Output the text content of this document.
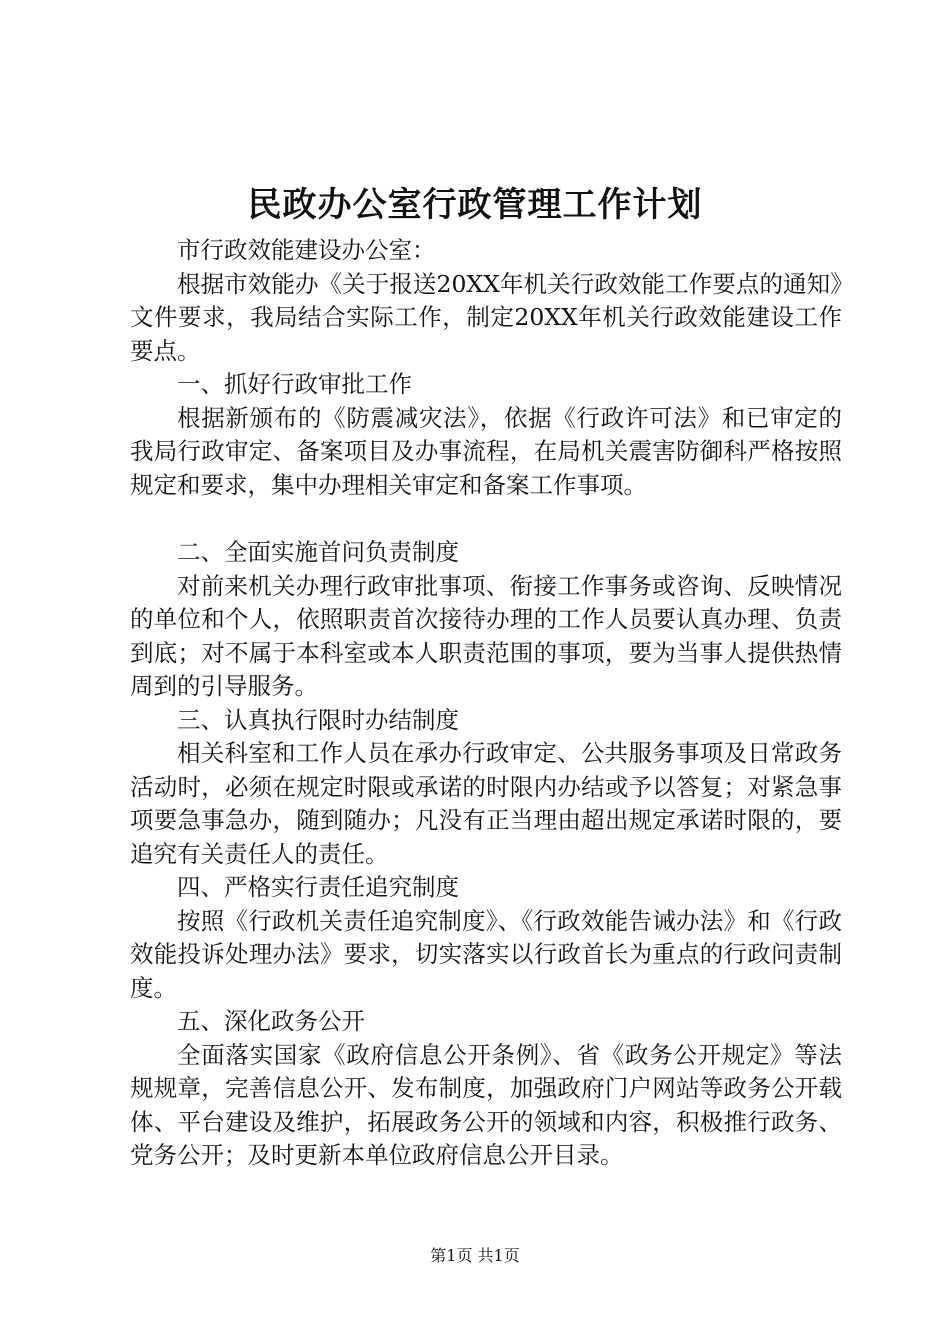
民政办公室行政管理工作计划

市行政效能建设办公室：

根据市效能办《关于报送20XX年机关行政效能工作要点的通知》文件要求，我局结合实际工作，制定20XX年机关行政效能建设工作要点。

一、抓好行政审批工作

根据新颁布的《防震减灾法》，依据《行政许可法》和已审定的我局行政审定、备案项目及办事流程，在局机关震害防御科严格按照规定和要求，集中办理相关审定和备案工作事项。

二、全面实施首问负责制度

对前来机关办理行政审批事项、衔接工作事务或咨询、反映情况的单位和个人，依照职责首次接待办理的工作人员要认真办理、负责到底；对不属于本科室或本人职责范围的事项，要为当事人提供热情周到的引导服务。

三、认真执行限时办结制度

相关科室和工作人员在承办行政审定、公共服务事项及日常政务活动时，必须在规定时限或承诺的时限内办结或予以答复；对紧急事项要急事急办，随到随办；凡没有正当理由超出规定承诺时限的，要追究有关责任人的责任。

四、严格实行责任追究制度

按照《行政机关责任追究制度》、《行政效能告诫办法》和《行政效能投诉处理办法》要求，切实落实以行政首长为重点的行政问责制度。

五、深化政务公开

全面落实国家《政府信息公开条例》、省《政务公开规定》等法规规章，完善信息公开、发布制度，加强政府门户网站等政务公开载体、平台建设及维护，拓展政务公开的领域和内容，积极推行政务、党务公开；及时更新本单位政府信息公开目录。

第1页 共1页
